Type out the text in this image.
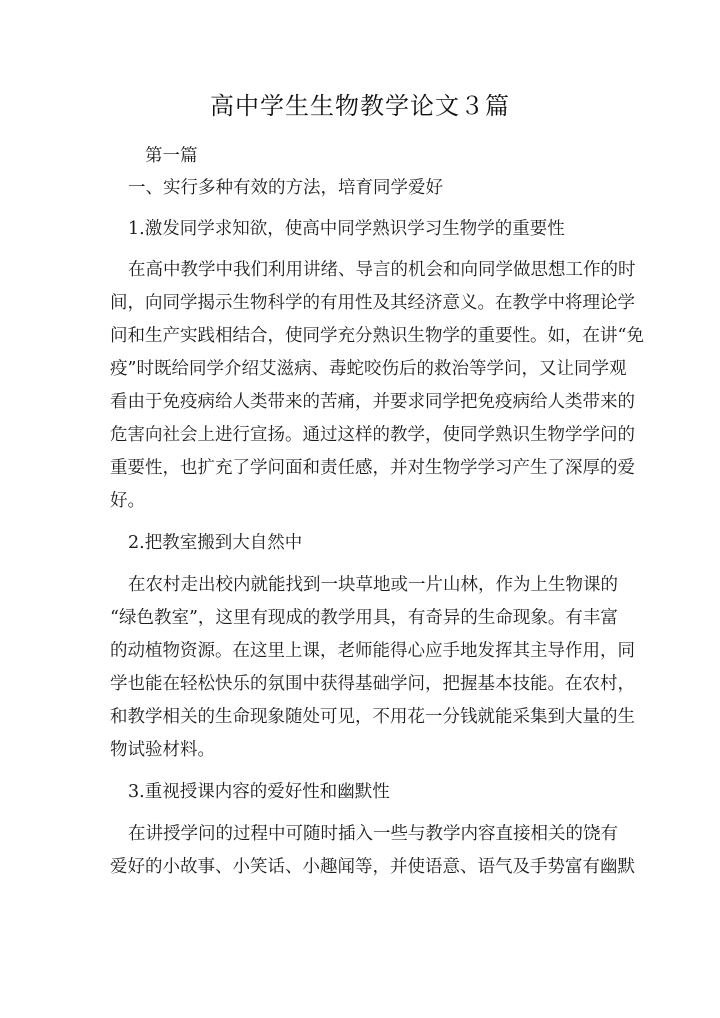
高中学生生物教学论文３篇
第一篇
一、实行多种有效的方法，培育同学爱好
1.激发同学求知欲，使高中同学熟识学习生物学的重要性
在高中教学中我们利用讲绪、导言的机会和向同学做思想工作的时
间，向同学揭示生物科学的有用性及其经济意义。在教学中将理论学
问和生产实践相结合，使同学充分熟识生物学的重要性。如，在讲“免
疫”时既给同学介绍艾滋病、毒蛇咬伤后的救治等学问，又让同学观
看由于免疫病给人类带来的苦痛，并要求同学把免疫病给人类带来的
危害向社会上进行宣扬。通过这样的教学，使同学熟识生物学学问的
重要性，也扩充了学问面和责任感，并对生物学学习产生了深厚的爱
好。
2.把教室搬到大自然中
在农村走出校内就能找到一块草地或一片山林，作为上生物课的
“绿色教室”，这里有现成的教学用具，有奇异的生命现象。有丰富
的动植物资源。在这里上课，老师能得心应手地发挥其主导作用，同
学也能在轻松快乐的氛围中获得基础学问，把握基本技能。在农村，
和教学相关的生命现象随处可见，不用花一分钱就能采集到大量的生
物试验材料。
3.重视授课内容的爱好性和幽默性
在讲授学问的过程中可随时插入一些与教学内容直接相关的饶有
爱好的小故事、小笑话、小趣闻等，并使语意、语气及手势富有幽默
